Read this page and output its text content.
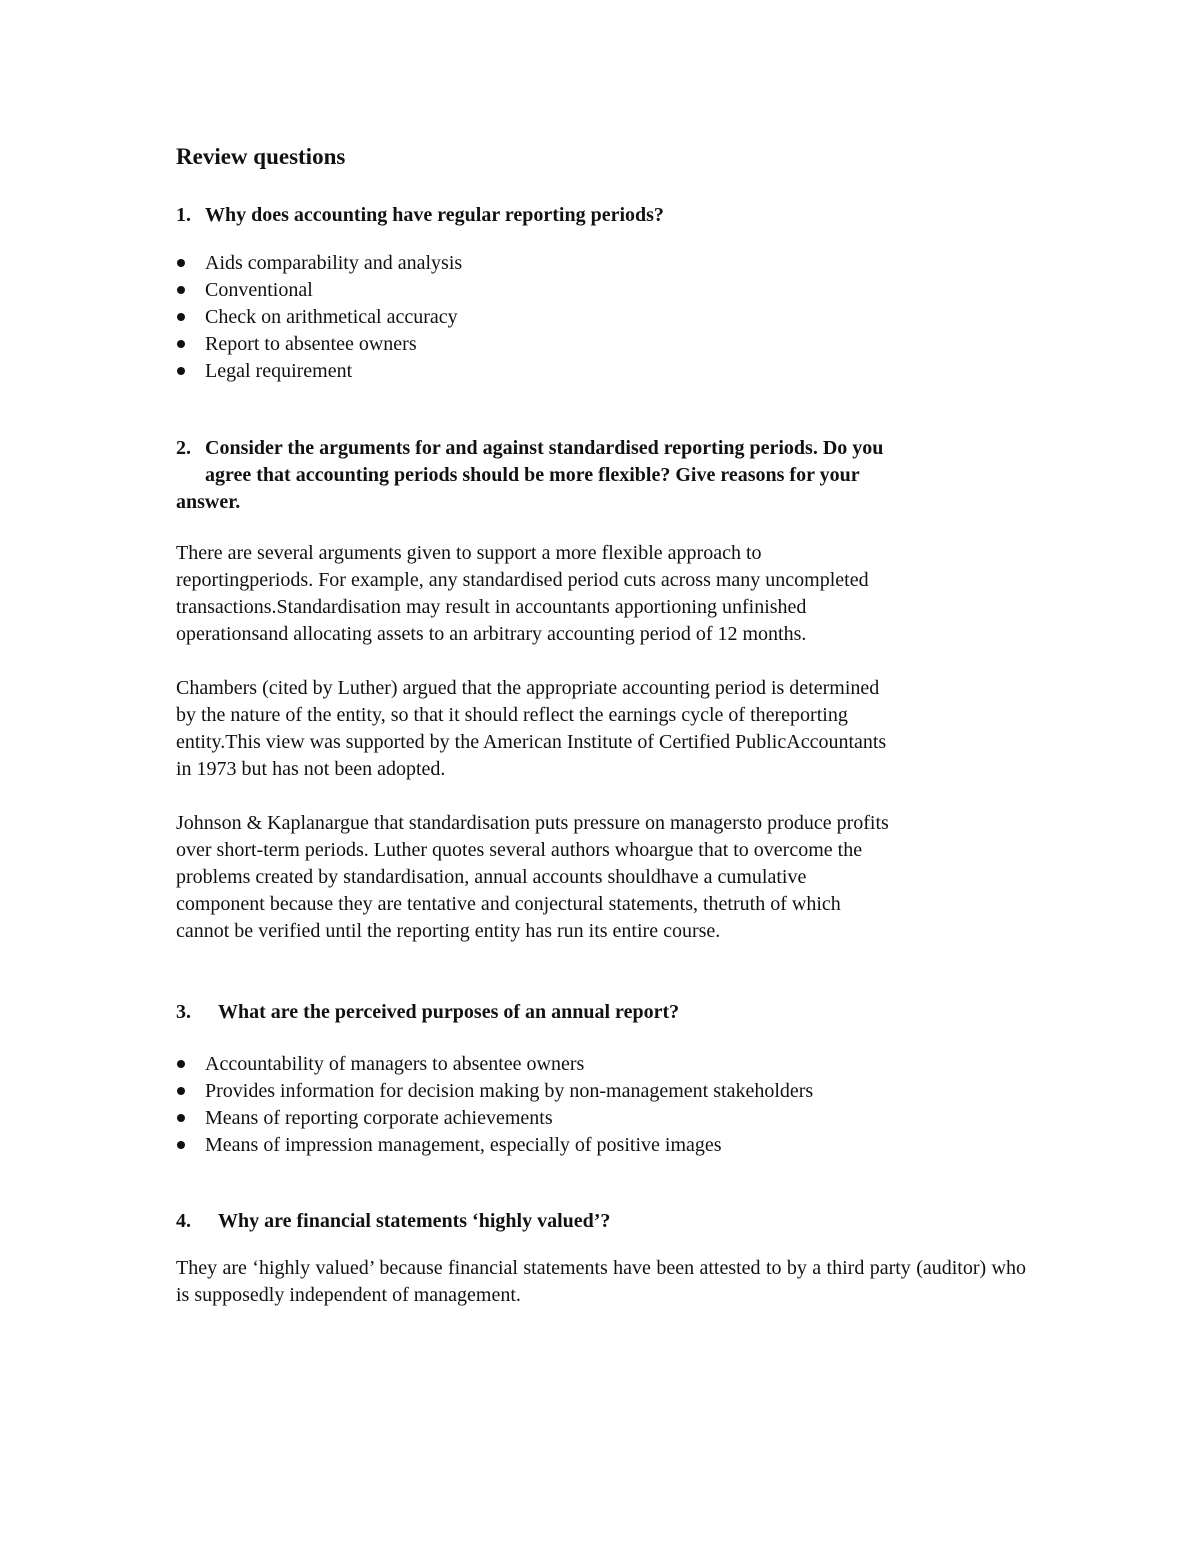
Review questions
1. Why does accounting have regular reporting periods?
Aids comparability and analysis
Conventional
Check on arithmetical accuracy
Report to absentee owners
Legal requirement
2. Consider the arguments for and against standardised reporting periods. Do you
agree that accounting periods should be more flexible? Give reasons for your
answer.

There are several arguments given to support a more flexible approach to
reportingperiods. For example, any standardised period cuts across many uncompleted
transactions.Standardisation may result in accountants apportioning unfinished
operationsand allocating assets to an arbitrary accounting period of 12 months.

Chambers (cited by Luther) argued that the appropriate accounting period is determined
by the nature of the entity, so that it should reflect the earnings cycle of thereporting
entity.This view was supported by the American Institute of Certified PublicAccountants
in 1973 but has not been adopted.

Johnson & Kaplanargue that standardisation puts pressure on managersto produce profits
over short-term periods. Luther quotes several authors whoargue that to overcome the
problems created by standardisation, annual accounts shouldhave a cumulative
component because they are tentative and conjectural statements, thetruth of which
cannot be verified until the reporting entity has run its entire course.

3. What are the perceived purposes of an annual report?
Accountability of managers to absentee owners
Provides information for decision making by non-management stakeholders
Means of reporting corporate achievements
Means of impression management, especially of positive images
4. Why are financial statements ‘highly valued’?

They are ‘highly valued’ because financial statements have been attested to by a third party (auditor) who is supposedly independent of management.
